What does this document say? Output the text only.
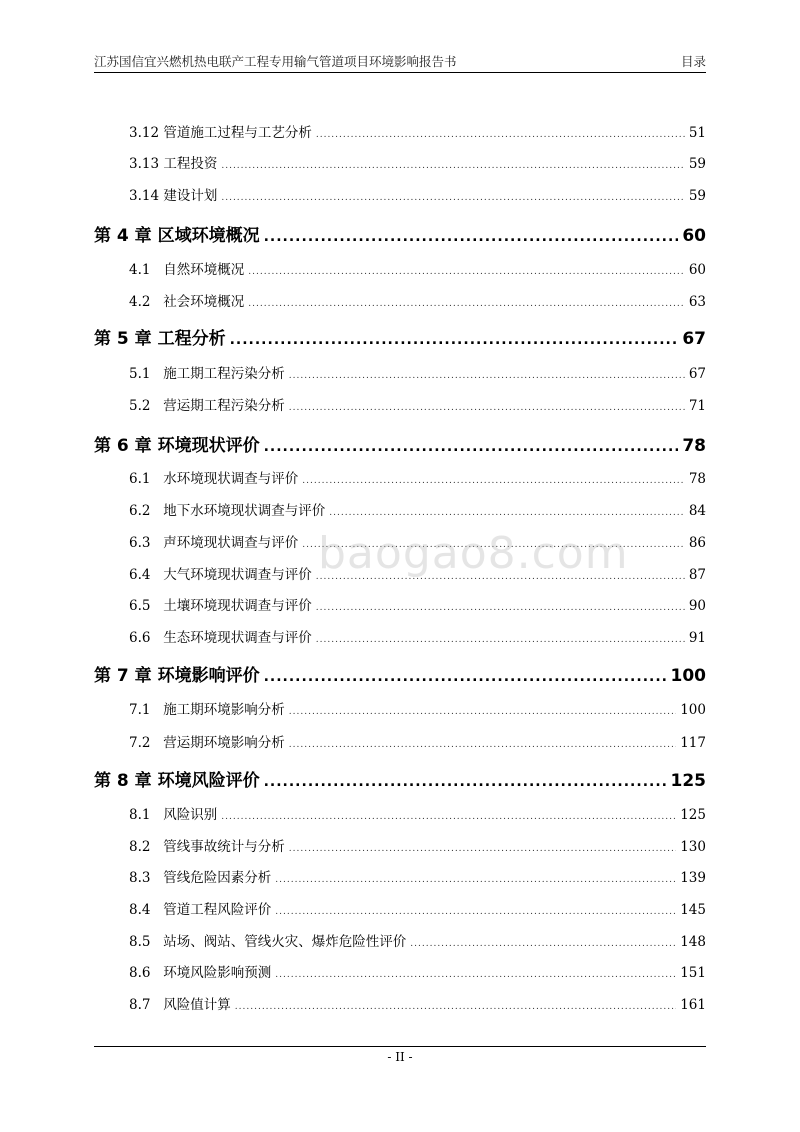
江苏国信宜兴燃机热电联产工程专用输气管道项目环境影响报告书	目录
3.12 管道施工过程与工艺分析 .....	51
3.13 工程投资 .....	59
3.14 建设计划 .....	59
第 4 章 区域环境概况 .....	60
4.1 自然环境概况 .....	60
4.2 社会环境概况 .....	63
第 5 章 工程分析 .....	67
5.1 施工期工程污染分析 .....	67
5.2 营运期工程污染分析 .....	71
第 6 章 环境现状评价 .....	78
6.1 水环境现状调查与评价 .....	78
6.2 地下水环境现状调查与评价 .....	84
6.3 声环境现状调查与评价 .....	86
6.4 大气环境现状调查与评价 .....	87
6.5 土壤环境现状调查与评价 .....	90
6.6 生态环境现状调查与评价 .....	91
第 7 章 环境影响评价 .....	100
7.1 施工期环境影响分析 .....	100
7.2 营运期环境影响分析 .....	117
第 8 章 环境风险评价 .....	125
8.1 风险识别 .....	125
8.2 管线事故统计与分析 .....	130
8.3 管线危险因素分析 .....	139
8.4 管道工程风险评价 .....	145
8.5 站场、阀站、管线火灾、爆炸危险性评价 .....	148
8.6 环境风险影响预测 .....	151
8.7 风险值计算 .....	161
baogao8.com
- II -
